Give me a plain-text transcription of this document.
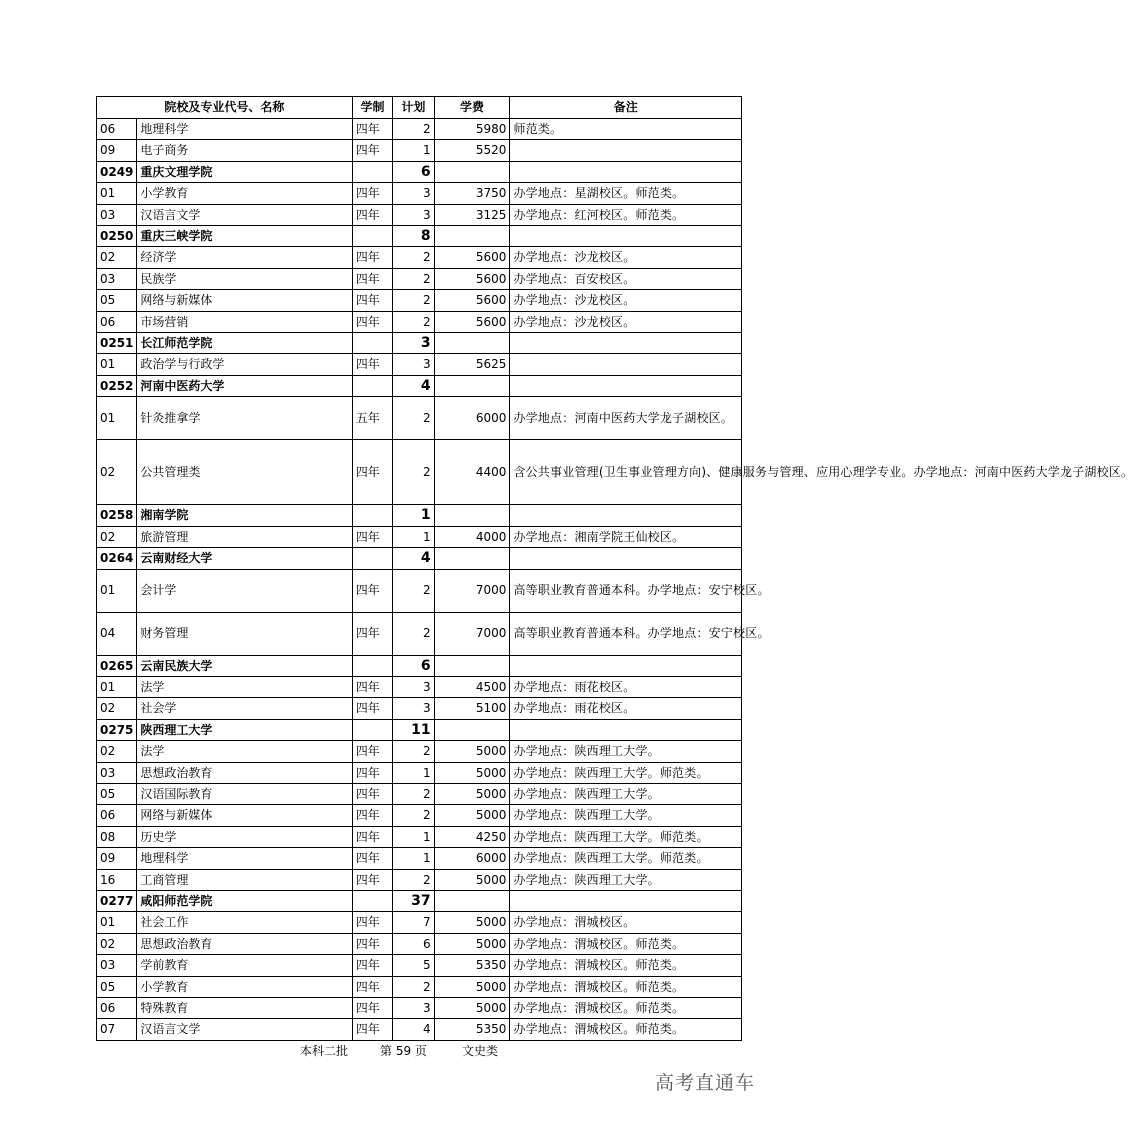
院校及专业代号、名称		学制	计划	学费	备注
06	地理科学	四年	2	5980	师范类。
09	电子商务	四年	1	5520	
0249	重庆文理学院		6		
01	小学教育	四年	3	3750	办学地点：星湖校区。师范类。
03	汉语言文学	四年	3	3125	办学地点：红河校区。师范类。
0250	重庆三峡学院		8		
02	经济学	四年	2	5600	办学地点：沙龙校区。
03	民族学	四年	2	5600	办学地点：百安校区。
05	网络与新媒体	四年	2	5600	办学地点：沙龙校区。
06	市场营销	四年	2	5600	办学地点：沙龙校区。
0251	长江师范学院		3		
01	政治学与行政学	四年	3	5625	
0252	河南中医药大学		4		
01	针灸推拿学	五年	2	6000	办学地点：河南中医药大学龙子湖校区。
02	公共管理类	四年	2	4400	含公共事业管理(卫生事业管理方向)、健康服务与管理、应用心理学专业。办学地点：河南中医药大学龙子湖校区。
0258	湘南学院		1		
02	旅游管理	四年	1	4000	办学地点：湘南学院王仙校区。
0264	云南财经大学		4		
01	会计学	四年	2	7000	高等职业教育普通本科。办学地点：安宁校区。
04	财务管理	四年	2	7000	高等职业教育普通本科。办学地点：安宁校区。
0265	云南民族大学		6		
01	法学	四年	3	4500	办学地点：雨花校区。
02	社会学	四年	3	5100	办学地点：雨花校区。
0275	陕西理工大学		11		
02	法学	四年	2	5000	办学地点：陕西理工大学。
03	思想政治教育	四年	1	5000	办学地点：陕西理工大学。师范类。
05	汉语国际教育	四年	2	5000	办学地点：陕西理工大学。
06	网络与新媒体	四年	2	5000	办学地点：陕西理工大学。
08	历史学	四年	1	4250	办学地点：陕西理工大学。师范类。
09	地理科学	四年	1	6000	办学地点：陕西理工大学。师范类。
16	工商管理	四年	2	5000	办学地点：陕西理工大学。
0277	咸阳师范学院		37		
01	社会工作	四年	7	5000	办学地点：渭城校区。
02	思想政治教育	四年	6	5000	办学地点：渭城校区。师范类。
03	学前教育	四年	5	5350	办学地点：渭城校区。师范类。
05	小学教育	四年	2	5000	办学地点：渭城校区。师范类。
06	特殊教育	四年	3	5000	办学地点：渭城校区。师范类。
07	汉语言文学	四年	4	5350	办学地点：渭城校区。师范类。
本科二批	第 59 页	文史类
高考直通车
